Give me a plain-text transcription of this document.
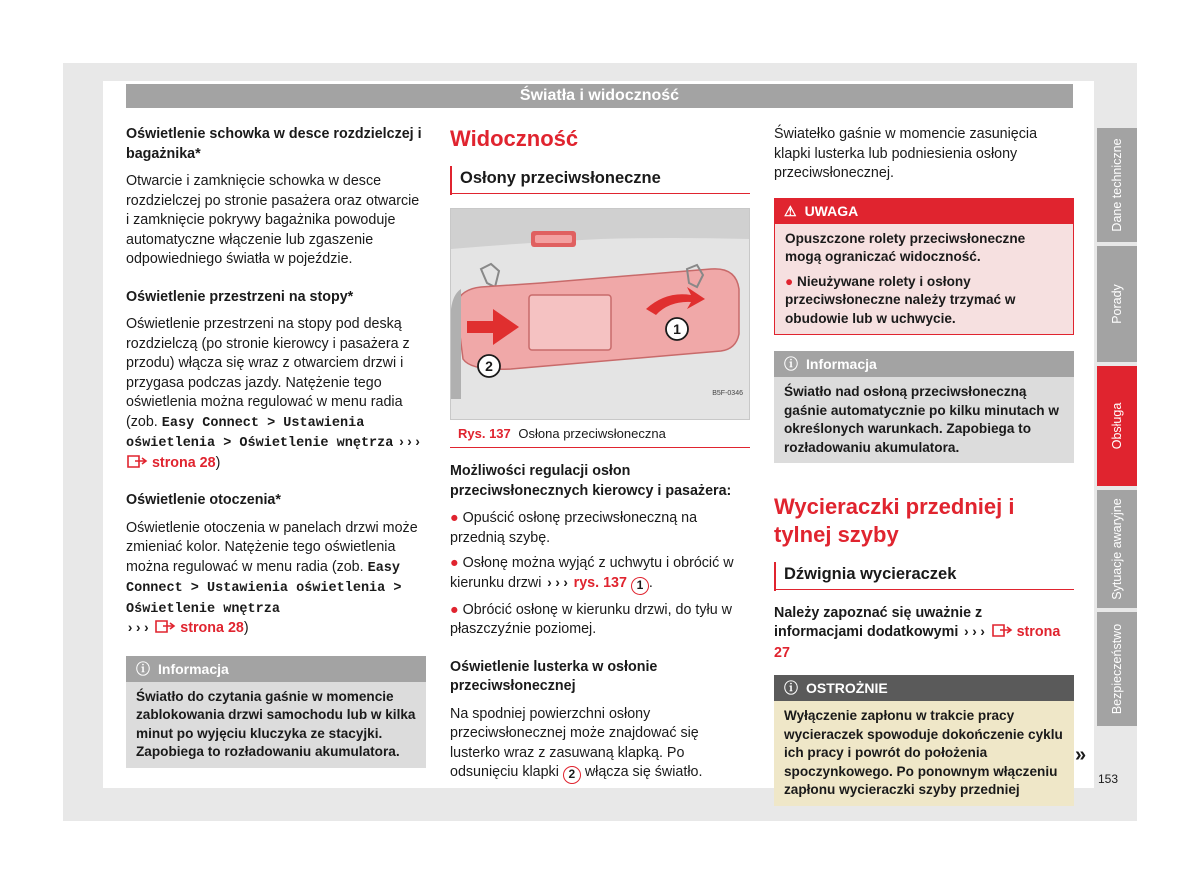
Światła i widoczność

Oświetlenie schowka w desce rozdzielczej i bagażnika*

Otwarcie i zamknięcie schowka w desce rozdzielczej po stronie pasażera oraz otwarcie i zamknięcie pokrywy bagażnika powoduje automatyczne włączenie lub zgaszenie odpowiedniego światła w pojeździe.

Oświetlenie przestrzeni na stopy*

Oświetlenie przestrzeni na stopy pod deską rozdzielczą (po stronie kierowcy i pasażera z przodu) włącza się wraz z otwarciem drzwi i przygasa podczas jazdy. Natężenie tego oświetlenia można regulować w menu radia (zob. Easy Connect > Ustawienia oświetlenia > Oświetlenie wnętrza ›››  strona 28)

Oświetlenie otoczenia*

Oświetlenie otoczenia w panelach drzwi może zmieniać kolor. Natężenie tego oświetlenia można regulować w menu radia (zob. Easy Connect > Ustawienia oświetlenia > Oświetlenie wnętrza
››› strona 28)

ⓘ Informacja
Światło do czytania gaśnie w momencie zablokowania drzwi samochodu lub w kilka minut po wyjęciu kluczyka ze stacyjki. Zapobiega to rozładowaniu akumulatora.
Widoczność
Osłony przeciwsłoneczne
1
2
B5F-0346
Rys. 137 Osłona przeciwsłoneczna

Możliwości regulacji osłon przeciwsłonecznych kierowcy i pasażera:

● Opuścić osłonę przeciwsłoneczną na przednią szybę.

● Osłonę można wyjąć z uchwytu i obrócić w kierunku drzwi ››› rys. 137 1 .

● Obrócić osłonę w kierunku drzwi, do tyłu w płaszczyźnie poziomej.

Oświetlenie lusterka w osłonie przeciwsłonecznej

Na spodniej powierzchni osłony przeciwsłonecznej może znajdować się lusterko wraz z zasuwaną klapką. Po odsunięciu klapki 2 włącza się światło.

Światełko gaśnie w momencie zasunięcia klapki lusterka lub podniesienia osłony przeciwsłonecznej.

⚠ UWAGA
Opuszczone rolety przeciwsłoneczne mogą ograniczać widoczność.
● Nieużywane rolety i osłony przeciwsłoneczne należy trzymać w obudowie lub w uchwycie.
ⓘ Informacja
Światło nad osłoną przeciwsłoneczną gaśnie automatycznie po kilku minutach w określonych warunkach. Zapobiega to rozładowaniu akumulatora.
Wycieraczki przedniej i tylnej szyby
Dźwignia wycieraczek

Należy zapoznać się uważnie z informacjami dodatkowymi ››› strona 27

ⓘ OSTROŻNIE
Wyłączenie zapłonu w trakcie pracy wycieraczek spowoduje dokończenie cyklu ich pracy i powrót do położenia spoczynkowego. Po ponownym włączeniu zapłonu wycieraczki szyby przedniej
»
Dane techniczne
Porady
Obsługa
Sytuacje awaryjne
Bezpieczeństwo
153
